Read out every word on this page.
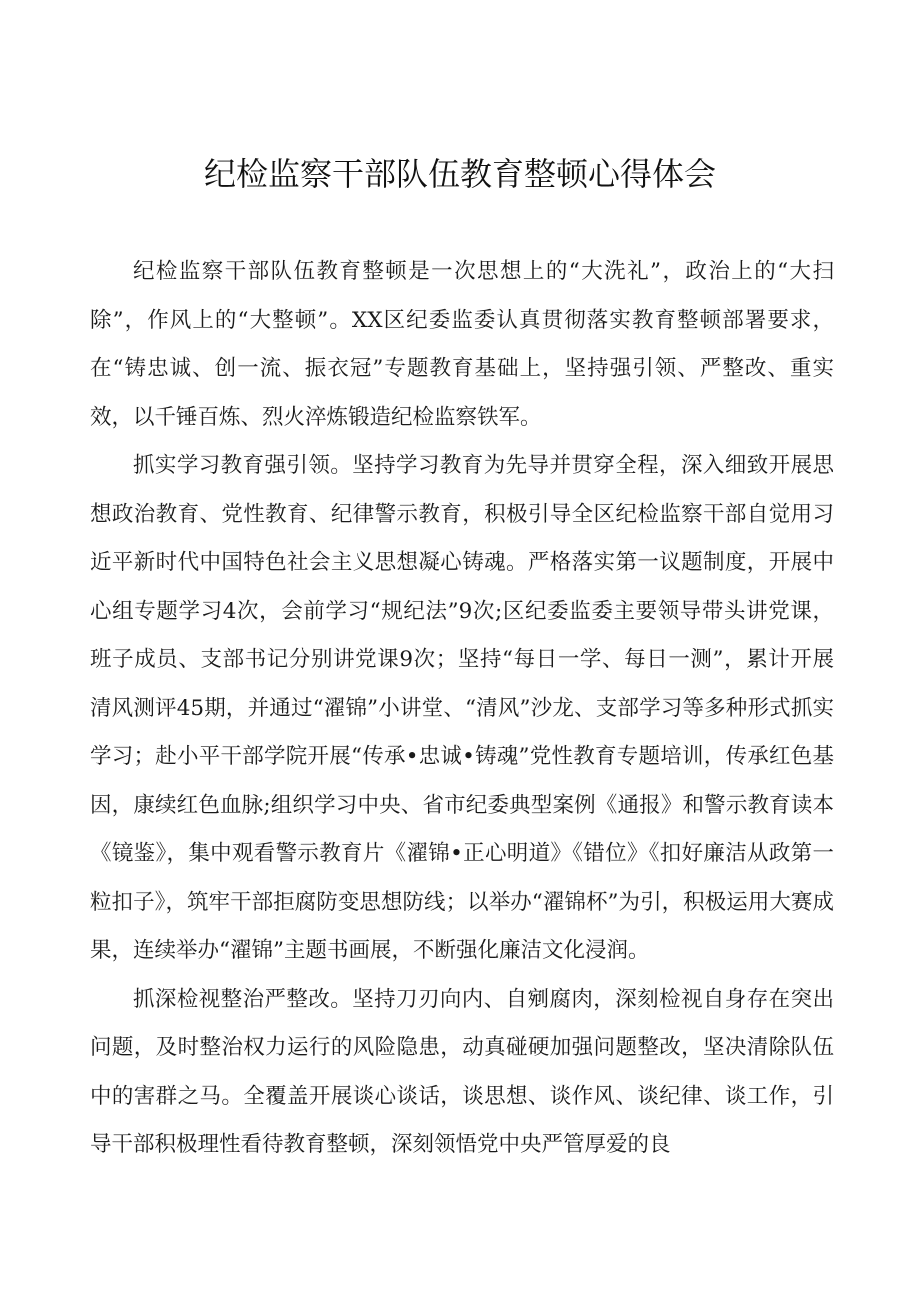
纪检监察干部队伍教育整顿心得体会

纪检监察干部队伍教育整顿是一次思想上的“大洗礼”，政治上的“大扫除”，作风上的“大整顿”。XX区纪委监委认真贯彻落实教育整顿部署要求，在“铸忠诚、创一流、振衣冠”专题教育基础上，坚持强引领、严整改、重实效，以千锤百炼、烈火淬炼锻造纪检监察铁军。

抓实学习教育强引领。坚持学习教育为先导并贯穿全程，深入细致开展思想政治教育、党性教育、纪律警示教育，积极引导全区纪检监察干部自觉用习近平新时代中国特色社会主义思想凝心铸魂。严格落实第一议题制度，开展中心组专题学习4次，会前学习“规纪法”9次;区纪委监委主要领导带头讲党课，班子成员、支部书记分别讲党课9次；坚持“每日一学、每日一测”，累计开展清风测评45期，并通过“濯锦”小讲堂、“清风”沙龙、支部学习等多种形式抓实学习；赴小平干部学院开展“传承•忠诚•铸魂”党性教育专题培训，传承红色基因，康续红色血脉;组织学习中央、省市纪委典型案例《通报》和警示教育读本《镜鉴》，集中观看警示教育片《濯锦•正心明道》《错位》《扣好廉洁从政第一粒扣子》，筑牢干部拒腐防变思想防线；以举办“濯锦杯”为引，积极运用大赛成果，连续举办“濯锦”主题书画展，不断强化廉洁文化浸润。

抓深检视整治严整改。坚持刀刃向内、自剜腐肉，深刻检视自身存在突出问题，及时整治权力运行的风险隐患，动真碰硬加强问题整改，坚决清除队伍中的害群之马。全覆盖开展谈心谈话，谈思想、谈作风、谈纪律、谈工作，引导干部积极理性看待教育整顿，深刻领悟党中央严管厚爱的良
